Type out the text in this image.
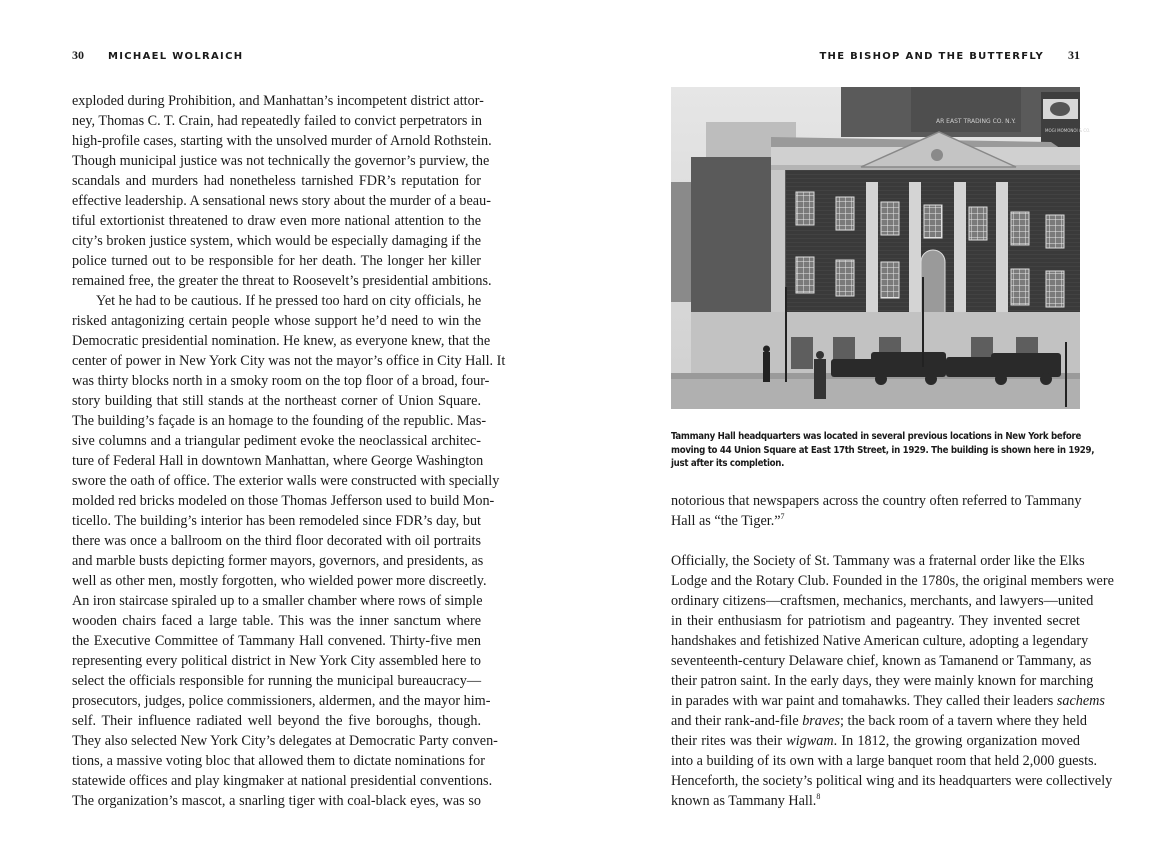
30 MICHAEL WOLRAICH
exploded during Prohibition, and Manhattan’s incompetent district attor-
ney, Thomas C. T. Crain, had repeatedly failed to convict perpetrators in
high-profile cases, starting with the unsolved murder of Arnold Rothstein.
Though municipal justice was not technically the governor’s purview, the
scandals and murders had nonetheless tarnished FDR’s reputation for
effective leadership. A sensational news story about the murder of a beau-
tiful extortionist threatened to draw even more national attention to the
city’s broken justice system, which would be especially damaging if the
police turned out to be responsible for her death. The longer her killer
remained free, the greater the threat to Roosevelt’s presidential ambitions.
Yet he had to be cautious. If he pressed too hard on city officials, he
risked antagonizing certain people whose support he’d need to win the
Democratic presidential nomination. He knew, as everyone knew, that the
center of power in New York City was not the mayor’s office in City Hall. It
was thirty blocks north in a smoky room on the top floor of a broad, four-
story building that still stands at the northeast corner of Union Square.
The building’s façade is an homage to the founding of the republic. Mas-
sive columns and a triangular pediment evoke the neoclassical architec-
ture of Federal Hall in downtown Manhattan, where George Washington
swore the oath of office. The exterior walls were constructed with specially
molded red bricks modeled on those Thomas Jefferson used to build Mon-
ticello. The building’s interior has been remodeled since FDR’s day, but
there was once a ballroom on the third floor decorated with oil portraits
and marble busts depicting former mayors, governors, and presidents, as
well as other men, mostly forgotten, who wielded power more discreetly.
An iron staircase spiraled up to a smaller chamber where rows of simple
wooden chairs faced a large table. This was the inner sanctum where
the Executive Committee of Tammany Hall convened. Thirty-five men
representing every political district in New York City assembled here to
select the officials responsible for running the municipal bureaucracy—
prosecutors, judges, police commissioners, aldermen, and the mayor him-
self. Their influence radiated well beyond the five boroughs, though.
They also selected New York City’s delegates at Democratic Party conven-
tions, a massive voting bloc that allowed them to dictate nominations for
statewide offices and play kingmaker at national presidential conventions.
The organization’s mascot, a snarling tiger with coal-black eyes, was so
THE BISHOP AND THE BUTTERFLY 31
AR EAST TRADING CO. N.Y.
MOGI MOMONOI & CO.
Tammany Hall headquarters was located in several previous locations in New York before
moving to 44 Union Square at East 17th Street, in 1929. The building is shown here in 1929,
just after its completion.
notorious that newspapers across the country often referred to Tammany
Hall as “the Tiger.”$^7$
Officially, the Society of St. Tammany was a fraternal order like the Elks
Lodge and the Rotary Club. Founded in the 1780s, the original members were
ordinary citizens—craftsmen, mechanics, merchants, and lawyers—united
in their enthusiasm for patriotism and pageantry. They invented secret
handshakes and fetishized Native American culture, adopting a legendary
seventeenth-century Delaware chief, known as Tamanend or Tammany, as
their patron saint. In the early days, they were mainly known for marching
in parades with war paint and tomahawks. They called their leaders sachems
and their rank-and-file braves; the back room of a tavern where they held
their rites was their wigwam. In 1812, the growing organization moved
into a building of its own with a large banquet room that held 2,000 guests.
Henceforth, the society’s political wing and its headquarters were collectively
known as Tammany Hall.$^8$
